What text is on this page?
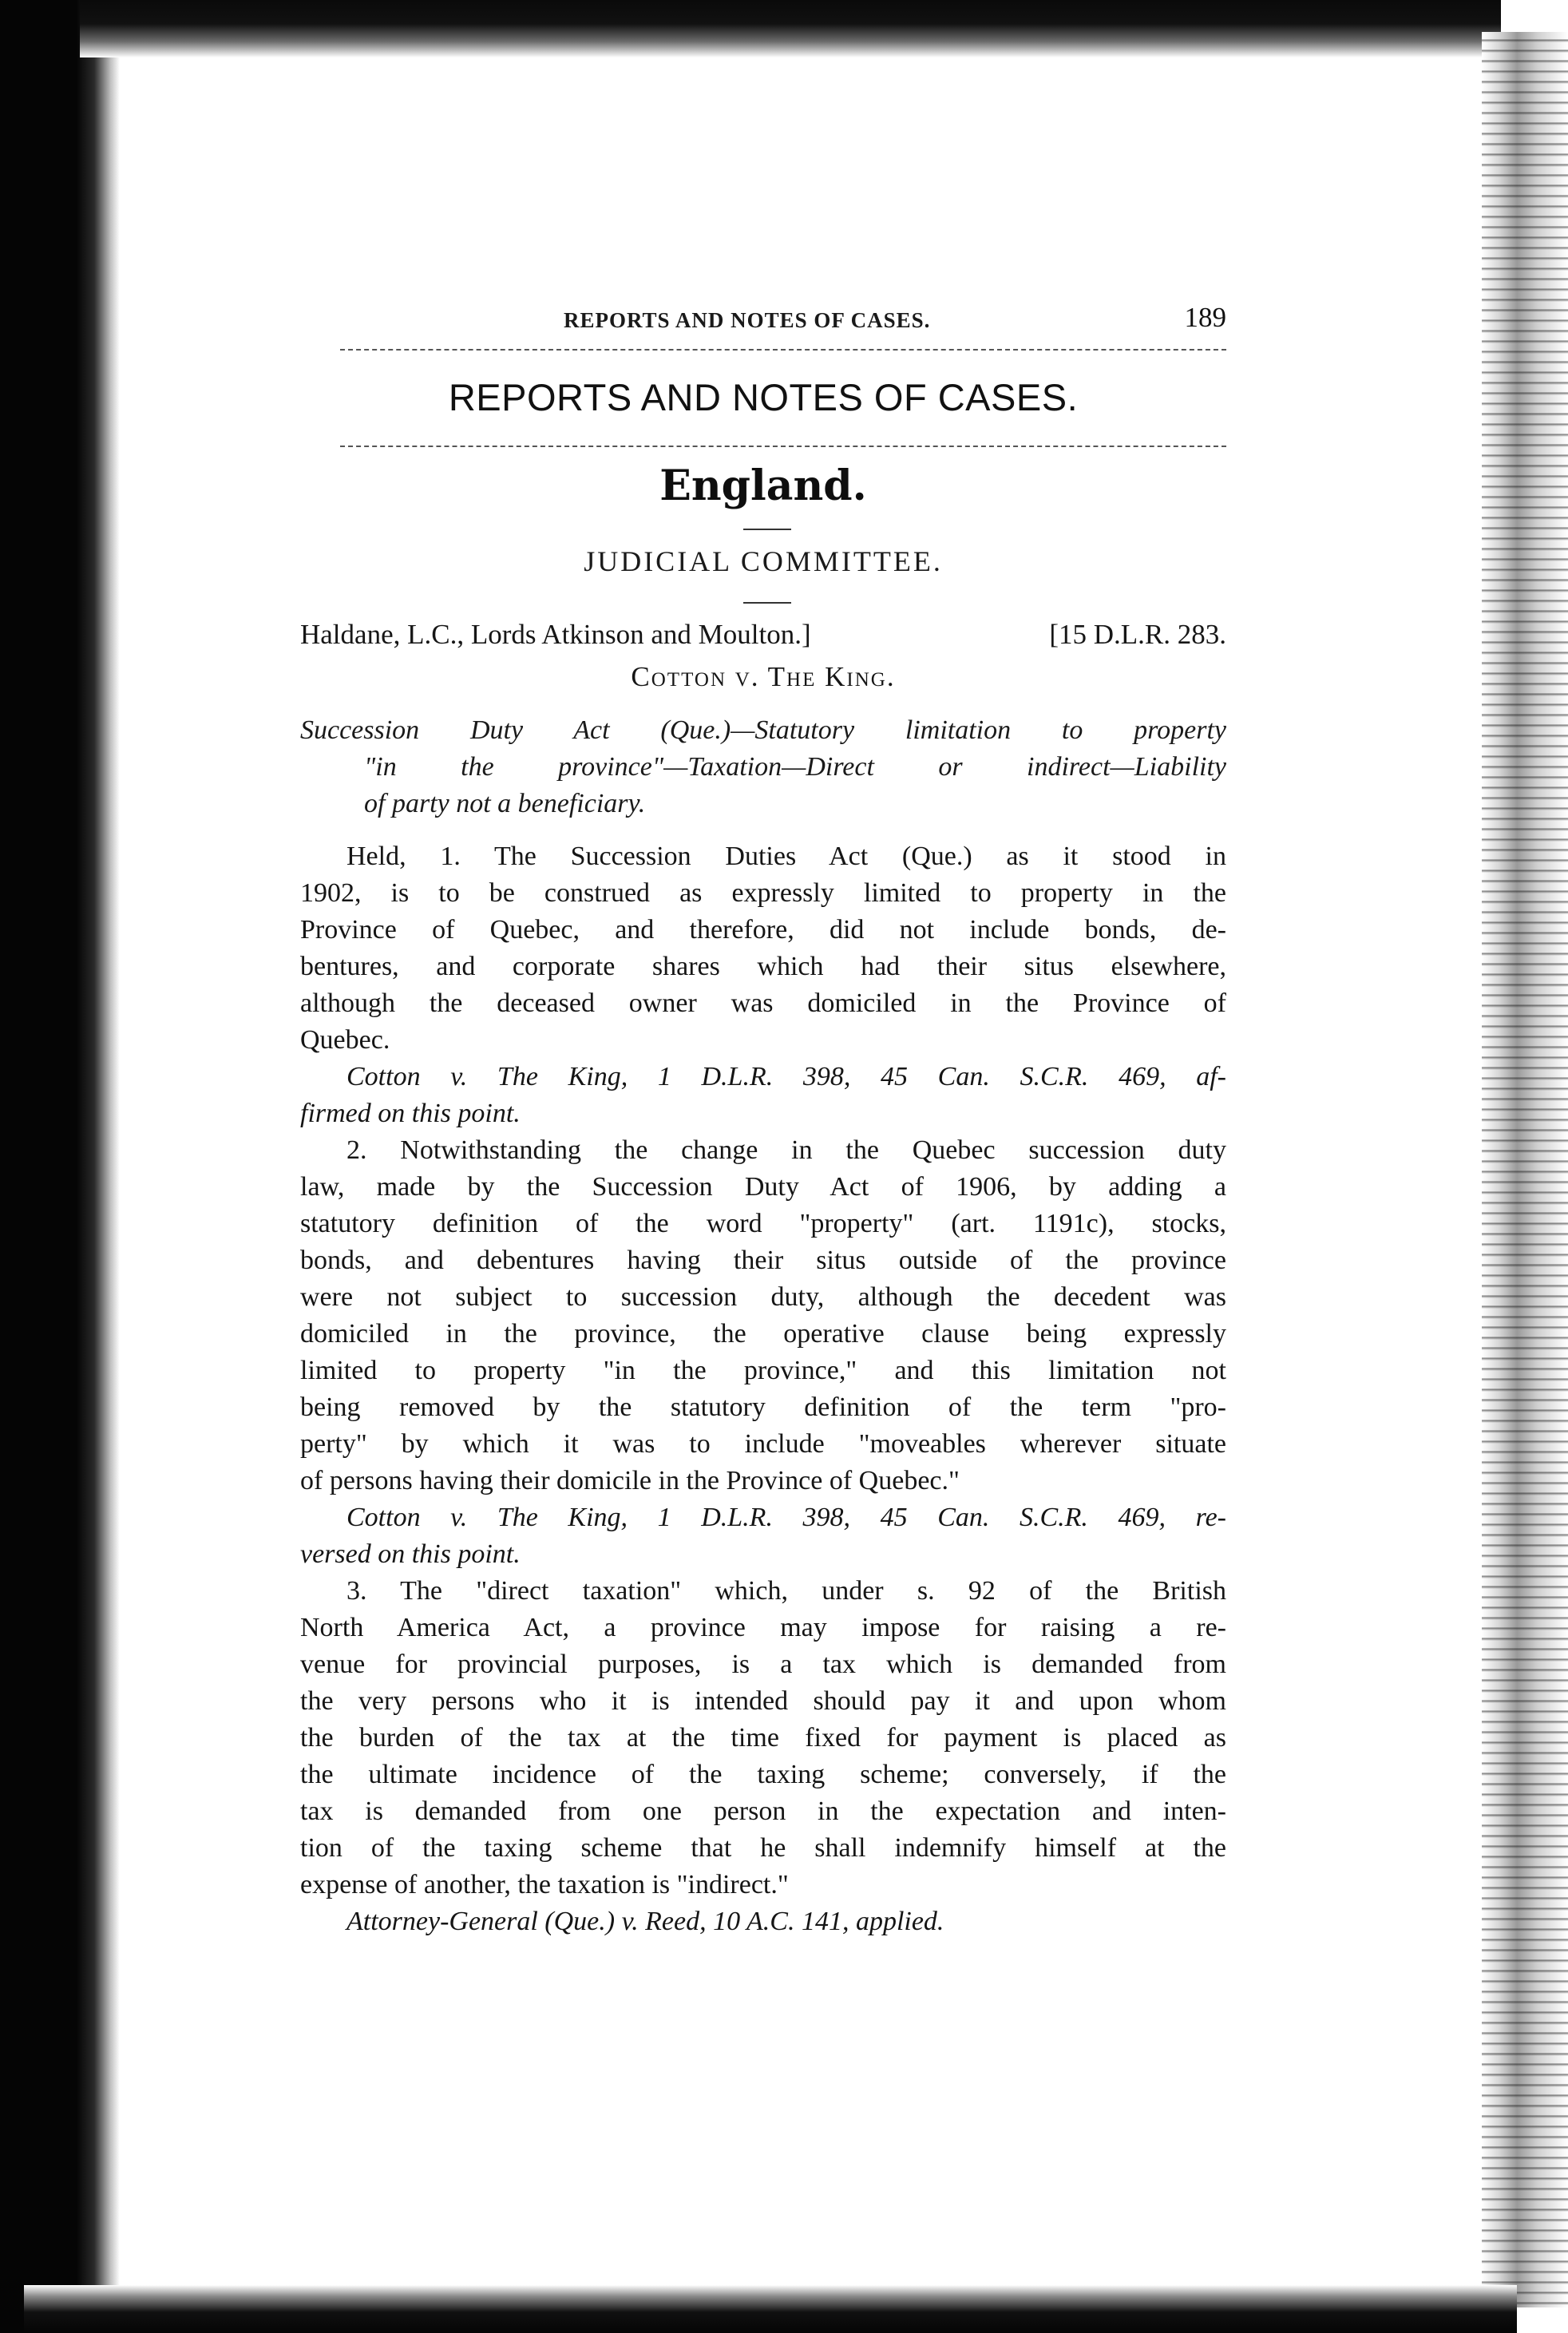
REPORTS AND NOTES OF CASES.	189
REPORTS AND NOTES OF CASES.
England.
JUDICIAL COMMITTEE.
Haldane, L.C., Lords Atkinson and Moulton.]	[15 D.L.R. 283.
Cotton v. The King.
Succession Duty Act (Que.)—Statutory limitation to property
"in the province"—Taxation—Direct or indirect—Liability
of party not a beneficiary.
Held, 1. The Succession Duties Act (Que.) as it stood in
1902, is to be construed as expressly limited to property in the
Province of Quebec, and therefore, did not include bonds, de-
bentures, and corporate shares which had their situs elsewhere,
although the deceased owner was domiciled in the Province of
Quebec.
Cotton v. The King, 1 D.L.R. 398, 45 Can. S.C.R. 469, af-
firmed on this point.
2. Notwithstanding the change in the Quebec succession duty
law, made by the Succession Duty Act of 1906, by adding a
statutory definition of the word "property" (art. 1191c), stocks,
bonds, and debentures having their situs outside of the province
were not subject to succession duty, although the decedent was
domiciled in the province, the operative clause being expressly
limited to property "in the province," and this limitation not
being removed by the statutory definition of the term "pro-
perty" by which it was to include "moveables wherever situate
of persons having their domicile in the Province of Quebec."
Cotton v. The King, 1 D.L.R. 398, 45 Can. S.C.R. 469, re-
versed on this point.
3. The "direct taxation" which, under s. 92 of the British
North America Act, a province may impose for raising a re-
venue for provincial purposes, is a tax which is demanded from
the very persons who it is intended should pay it and upon whom
the burden of the tax at the time fixed for payment is placed as
the ultimate incidence of the taxing scheme; conversely, if the
tax is demanded from one person in the expectation and inten-
tion of the taxing scheme that he shall indemnify himself at the
expense of another, the taxation is "indirect."
Attorney-General (Que.) v. Reed, 10 A.C. 141, applied.
